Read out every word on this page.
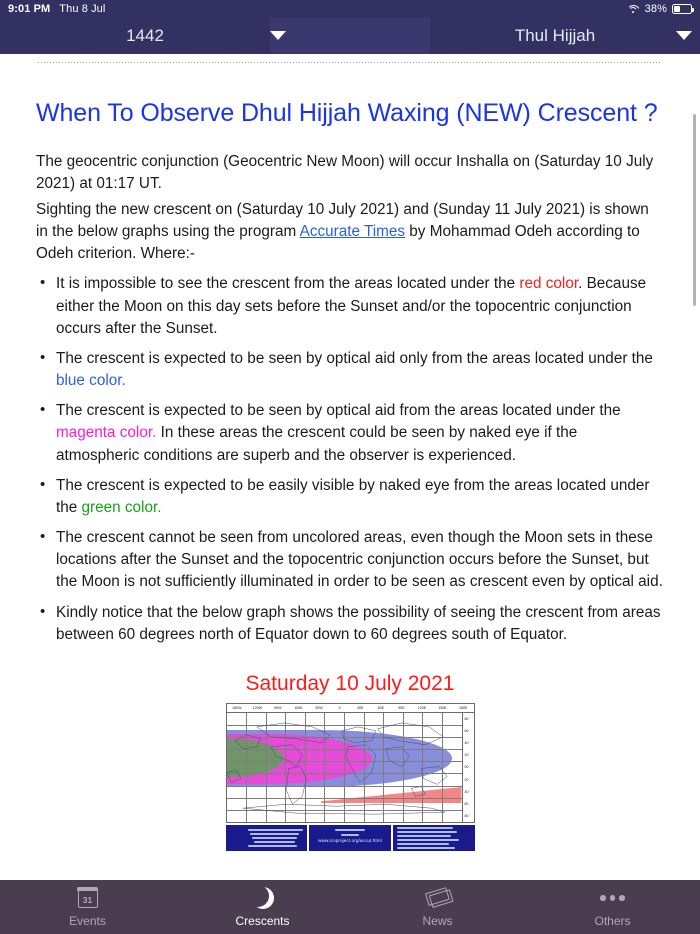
9:01 PM Thu 8 Jul	38%
1442	Thul Hijjah
When To Observe Dhul Hijjah Waxing (NEW) Crescent ?

The geocentric conjunction (Geocentric New Moon) will occur Inshalla on (Saturday 10 July 2021) at 01:17 UT.

Sighting the new crescent on (Saturday 10 July 2021) and (Sunday 11 July 2021) is shown in the below graphs using the program Accurate Times by Mohammad Odeh according to Odeh criterion. Where:-

• It is impossible to see the crescent from the areas located under the red color. Because either the Moon on this day sets before the Sunset and/or the topocentric conjunction occurs after the Sunset.
• The crescent is expected to be seen by optical aid only from the areas located under the blue color.
• The crescent is expected to be seen by optical aid from the areas located under the magenta color. In these areas the crescent could be seen by naked eye if the atmospheric conditions are superb and the observer is experienced.
• The crescent is expected to be easily visible by naked eye from the areas located under the green color.
• The crescent cannot be seen from uncolored areas, even though the Moon sets in these locations after the Sunset and the topocentric conjunction occurs before the Sunset, but the Moon is not sufficiently illuminated in order to be seen as crescent even by optical aid.
• Kindly notice that the below graph shows the possibility of seeing the crescent from areas between 60 degrees north of Equator down to 60 degrees south of Equator.
Saturday 10 July 2021
150W	120W	90W	60W	30W	0	30E	60E	90E	120E	150E	180E
80
60
40
20
00
20
40
60
80
www.icoproject.org/accut.html
31
Events	Crescents	News	Others
